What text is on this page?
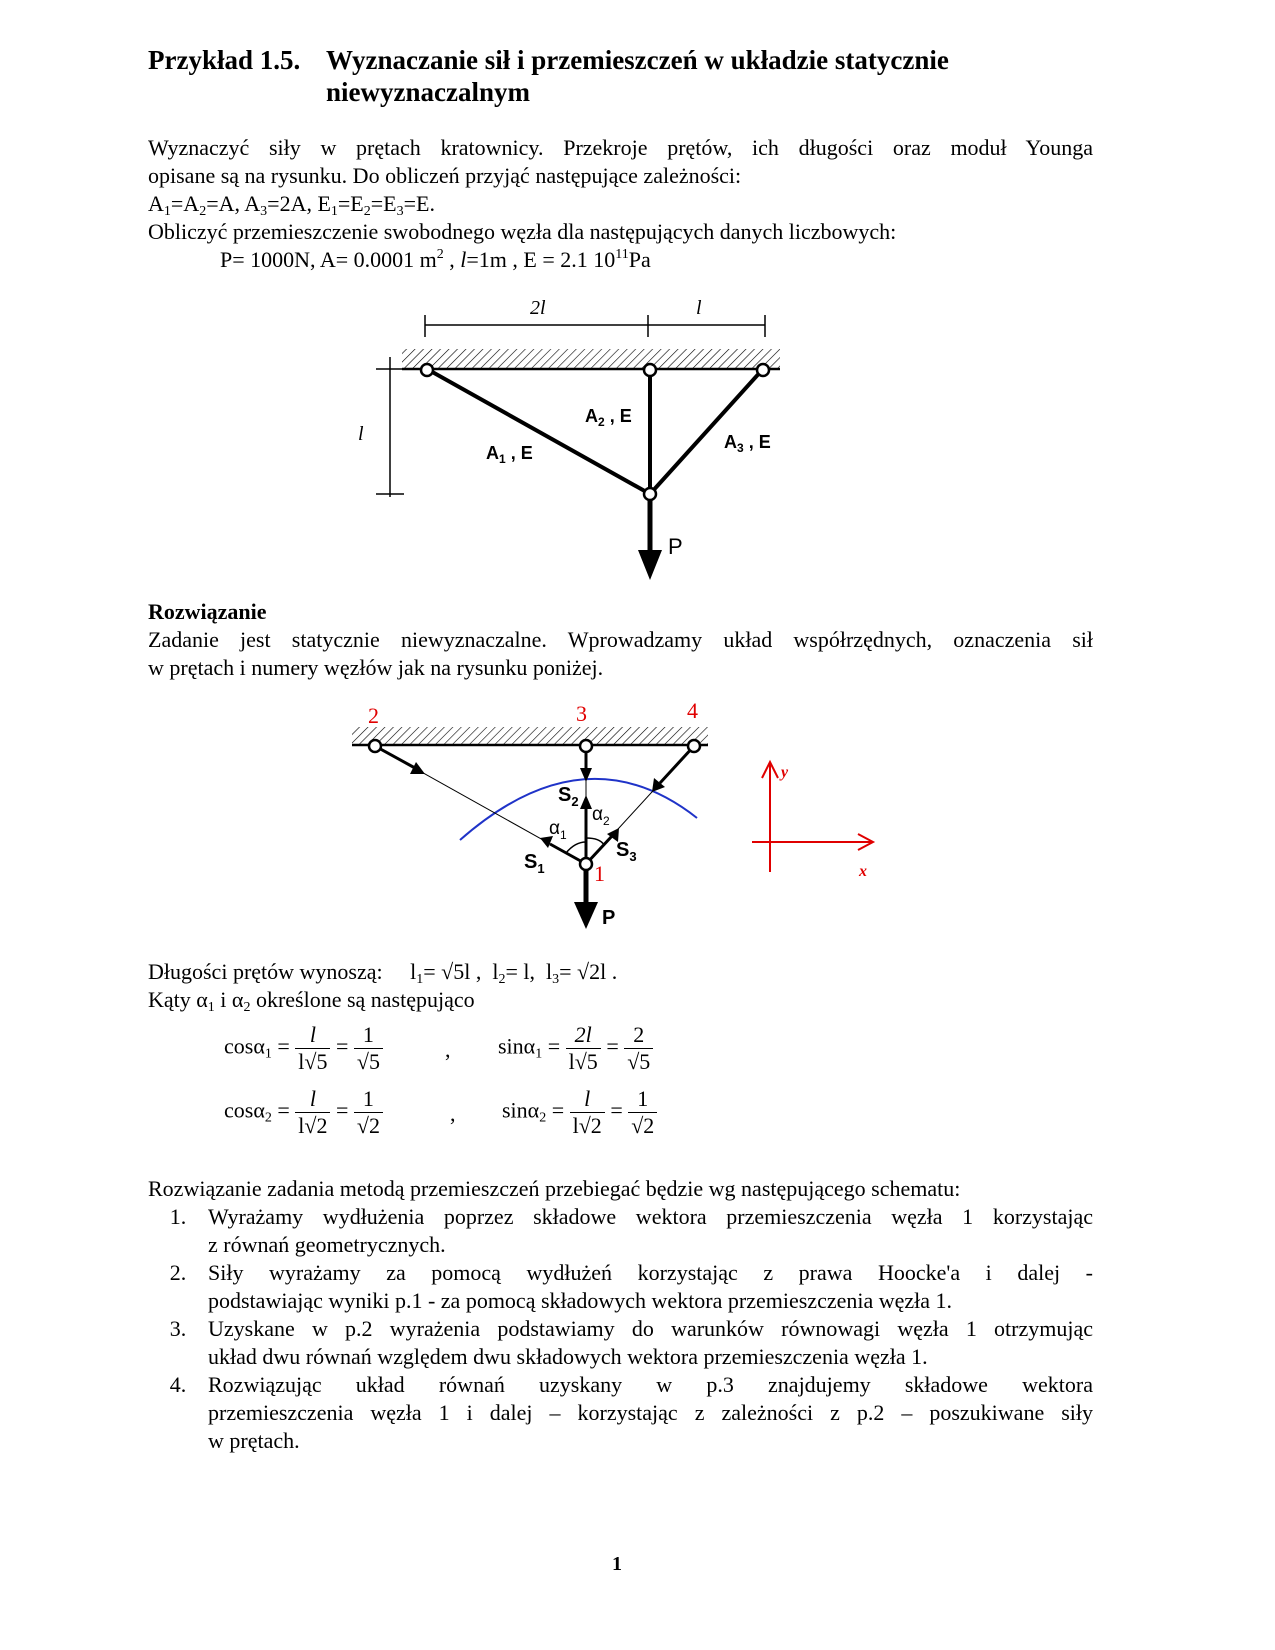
Przykład 1.5. Wyznaczanie sił i przemieszczeń w układzie statycznie
niewyznaczalnym
Wyznaczyć siły w prętach kratownicy. Przekroje prętów, ich długości oraz moduł Younga
opisane są na rysunku. Do obliczeń przyjąć następujące zależności:
$A_1=A_2=A$, $A_3=2A$, $E_1=E_2=E_3=E$.
Obliczyć przemieszczenie swobodnego węzła dla następujących danych liczbowych:
P= 1000N, A= 0.0001 $m^2$ , l=1m , E = 2.1 $10^{11}Pa$
2l	l
l
$A_1$ , E
$A_2$ , E
$A_3$ , E
P
2	3	4
1
$S_1$
$S_2$
$S_3$
$\alpha_1$
$\alpha_2$
P
y
x
Rozwiązanie
Zadanie jest statycznie niewyznaczalne. Wprowadzamy układ współrzędnych, oznaczenia sił
w prętach i numery węzłów jak na rysunku poniżej.
Długości prętów wynoszą: $l_1= √5l$ , $l_2= l$, $l_3= √2l$ .
Kąty $\alpha_1$ i $\alpha_2$ określone są następująco
$\cos\alpha_1 = \frac{l}{l√5} = \frac{1}{√5}$	, $\sin\alpha_1 = \frac{2l}{l√5} = \frac{2}{√5}$
$\cos\alpha_2 = \frac{l}{l√2} = \frac{1}{√2}$	, $\sin\alpha_2 = \frac{l}{l√2} = \frac{1}{√2}$
Rozwiązanie zadania metodą przemieszczeń przebiegać będzie wg następującego schematu:
1. Wyrażamy wydłużenia poprzez składowe wektora przemieszczenia węzła 1 korzystając
z równań geometrycznych.
2. Siły wyrażamy za pomocą wydłużeń korzystając z prawa Hoocke'a i dalej -
podstawiając wyniki p.1 - za pomocą składowych wektora przemieszczenia węzła 1.
3. Uzyskane w p.2 wyrażenia podstawiamy do warunków równowagi węzła 1 otrzymując
układ dwu równań względem dwu składowych wektora przemieszczenia węzła 1.
4. Rozwiązując układ równań uzyskany w p.3 znajdujemy składowe wektora
przemieszczenia węzła 1 i dalej – korzystając z zależności z p.2 – poszukiwane siły
w prętach.
1
